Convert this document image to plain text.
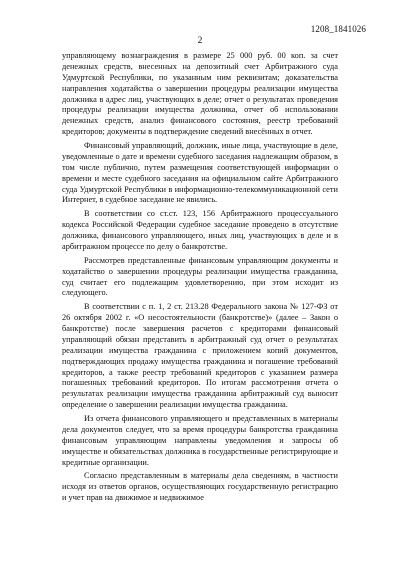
1208_1841026
2

управляющему вознаграждения в размере 25 000 руб. 00 коп. за счет денежных средств, внесенных на депозитный счет Арбитражного суда Удмуртской Республики, по указанным ним реквизитам; доказательства направления ходатайства о завершении процедуры реализации имущества должника в адрес лиц, участвующих в деле; отчет о результатах проведения процедуры реализации имущества должника, отчет об использовании денежных средств, анализ финансового состояния, реестр требований кредиторов; документы в подтверждение сведений внесённых в отчет.

Финансовый управляющий, должник, иные лица, участвующие в деле, уведомленные о дате и времени судебного заседания надлежащим образом, в том числе публично, путем размещения соответствующей информации о времени и месте судебного заседания на официальном сайте Арбитражного суда Удмуртской Республики в информационно-телекоммуникационной сети Интернет, в судебное заседание не явились.

В соответствии со ст.ст. 123, 156 Арбитражного процессуального кодекса Российской Федерации судебное заседание проведено в отсутствие должника, финансового управляющего, иных лиц, участвующих в деле и в арбитражном процессе по делу о банкротстве.

Рассмотрев представленные финансовым управляющим документы и ходатайство о завершении процедуры реализации имущества гражданина, суд считает его подлежащим удовлетворению, при этом исходит из следующего.

В соответствии с п. 1, 2 ст. 213.28 Федерального закона № 127-ФЗ от 26 октября 2002 г. «О несостоятельности (банкротстве)» (далее – Закон о банкротстве) после завершения расчетов с кредиторами финансовый управляющий обязан представить в арбитражный суд отчет о результатах реализации имущества гражданина с приложением копий документов, подтверждающих продажу имущества гражданина и погашение требований кредиторов, а также реестр требований кредиторов с указанием размера погашенных требований кредиторов. По итогам рассмотрения отчета о результатах реализации имущества гражданина арбитражный суд выносит определение о завершении реализации имущества гражданина.

Из отчета финансового управляющего и представленных в материалы дела документов следует, что за время процедуры банкротства гражданина финансовым управляющим направлены уведомления и запросы об имуществе и обязательствах должника в государственные регистрирующие и кредитные организации.

Согласно представленным в материалы дела сведениям, в частности исходя из ответов органов, осуществляющих государственную регистрацию и учет прав на движимое и недвижимое
